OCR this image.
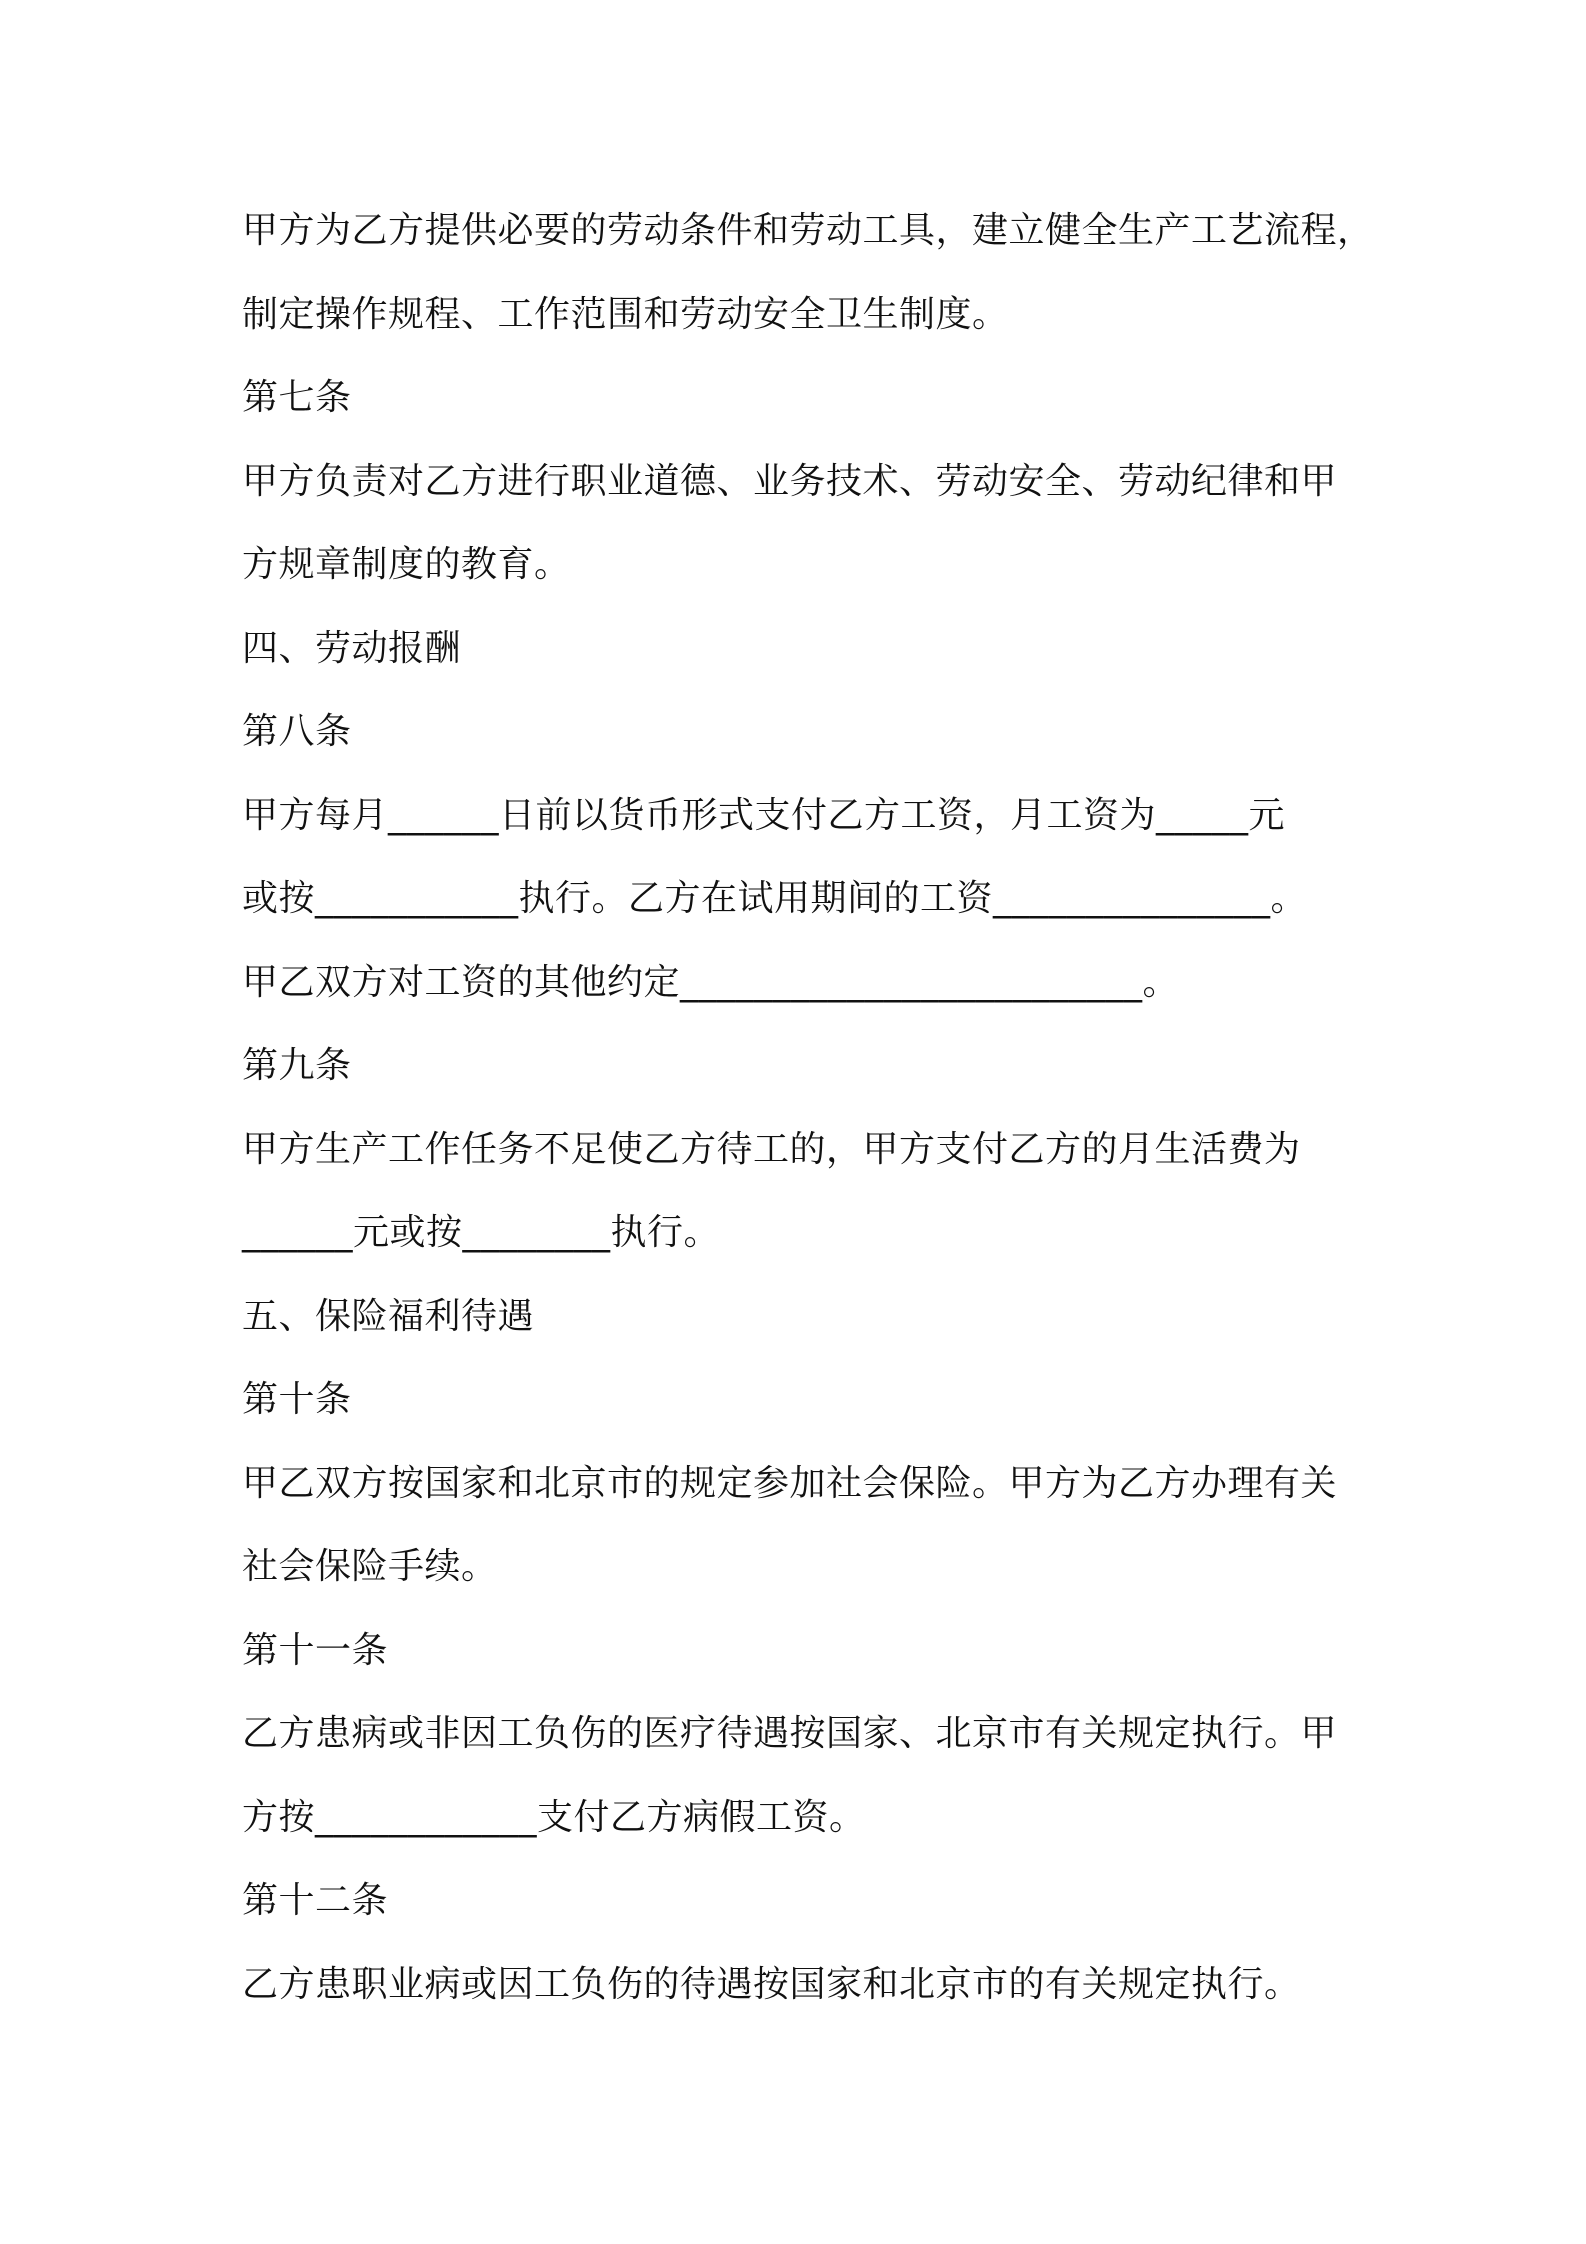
甲方为乙方提供必要的劳动条件和劳动工具，建立健全生产工艺流程，
制定操作规程、工作范围和劳动安全卫生制度。
第七条
甲方负责对乙方进行职业道德、业务技术、劳动安全、劳动纪律和甲
方规章制度的教育。
四、劳动报酬
第八条
甲方每月______日前以货币形式支付乙方工资，月工资为_____元
或按___________执行。乙方在试用期间的工资_______________。
甲乙双方对工资的其他约定_________________________。
第九条
甲方生产工作任务不足使乙方待工的，甲方支付乙方的月生活费为
______元或按________执行。
五、保险福利待遇
第十条
甲乙双方按国家和北京市的规定参加社会保险。甲方为乙方办理有关
社会保险手续。
第十一条
乙方患病或非因工负伤的医疗待遇按国家、北京市有关规定执行。甲
方按____________支付乙方病假工资。
第十二条
乙方患职业病或因工负伤的待遇按国家和北京市的有关规定执行。
